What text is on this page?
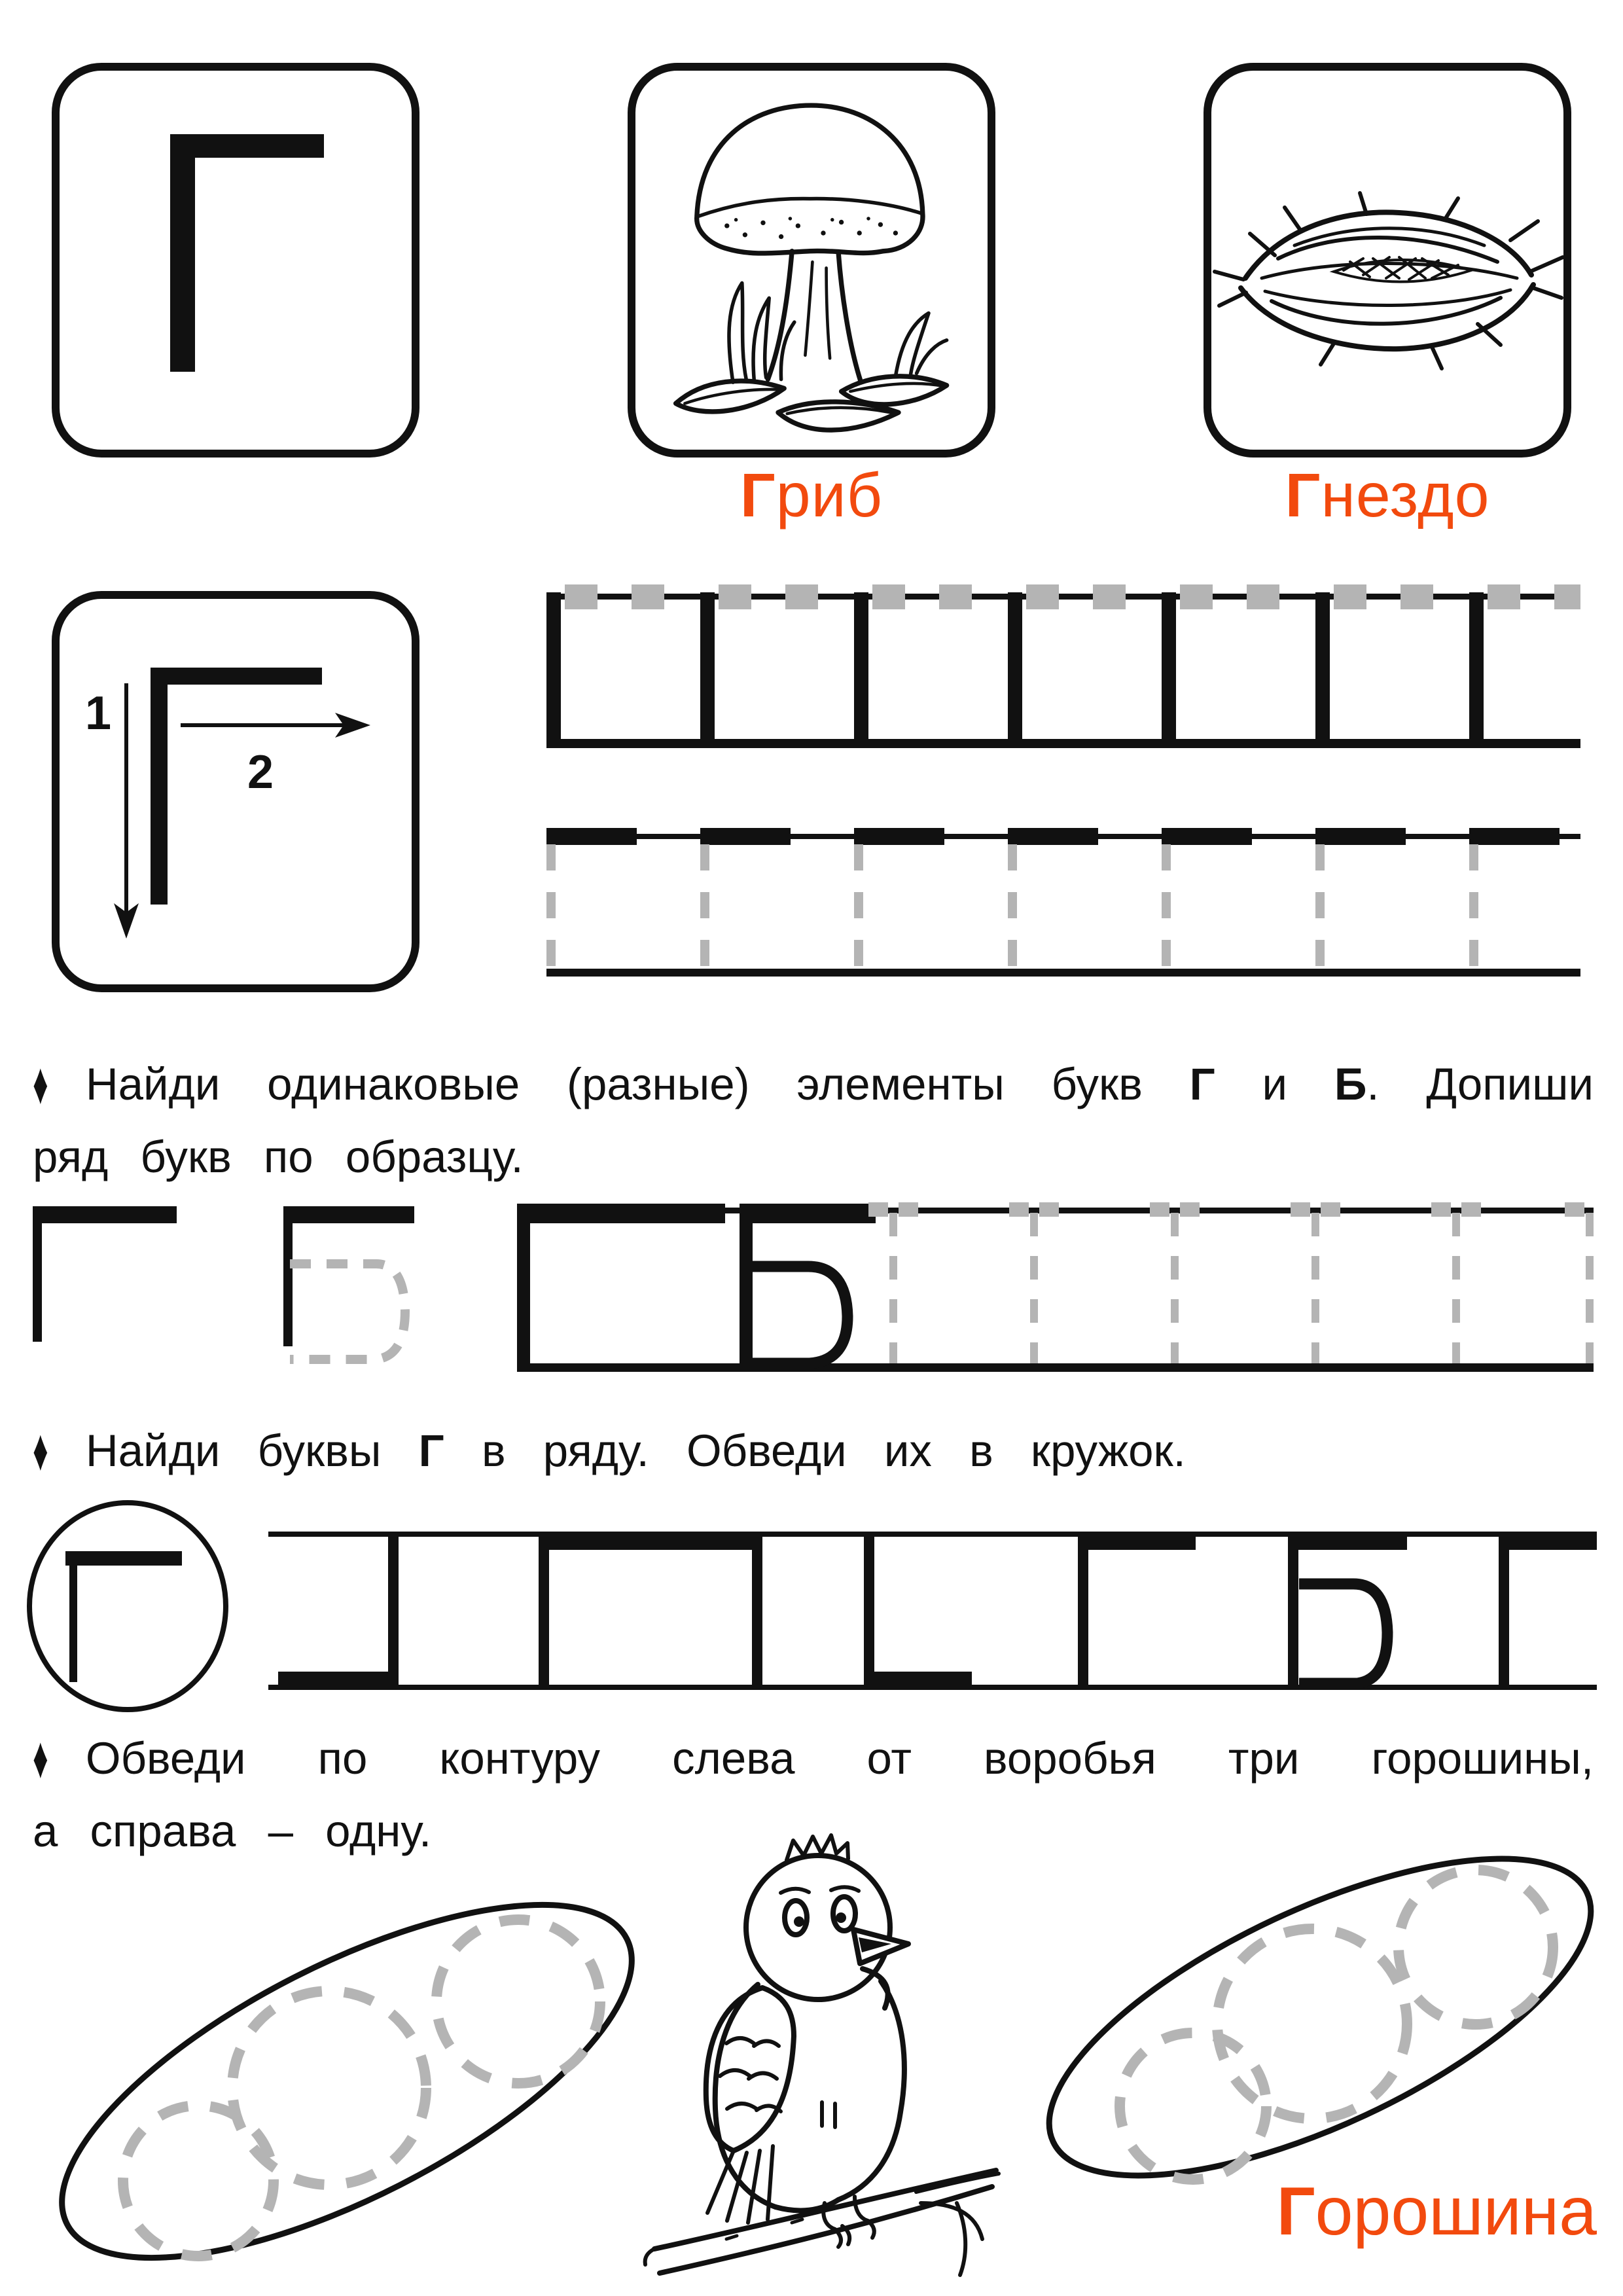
Гриб	Гнездо
1
2
♦ Найди одинаковые (разные) элементы букв Г и Б. Допиши
ряд букв по образцу.
♦ Найди буквы Г в ряду. Обведи их в кружок.
♦ Обведи по контуру слева от воробья три горошины,
а справа – одну.
Горошина
